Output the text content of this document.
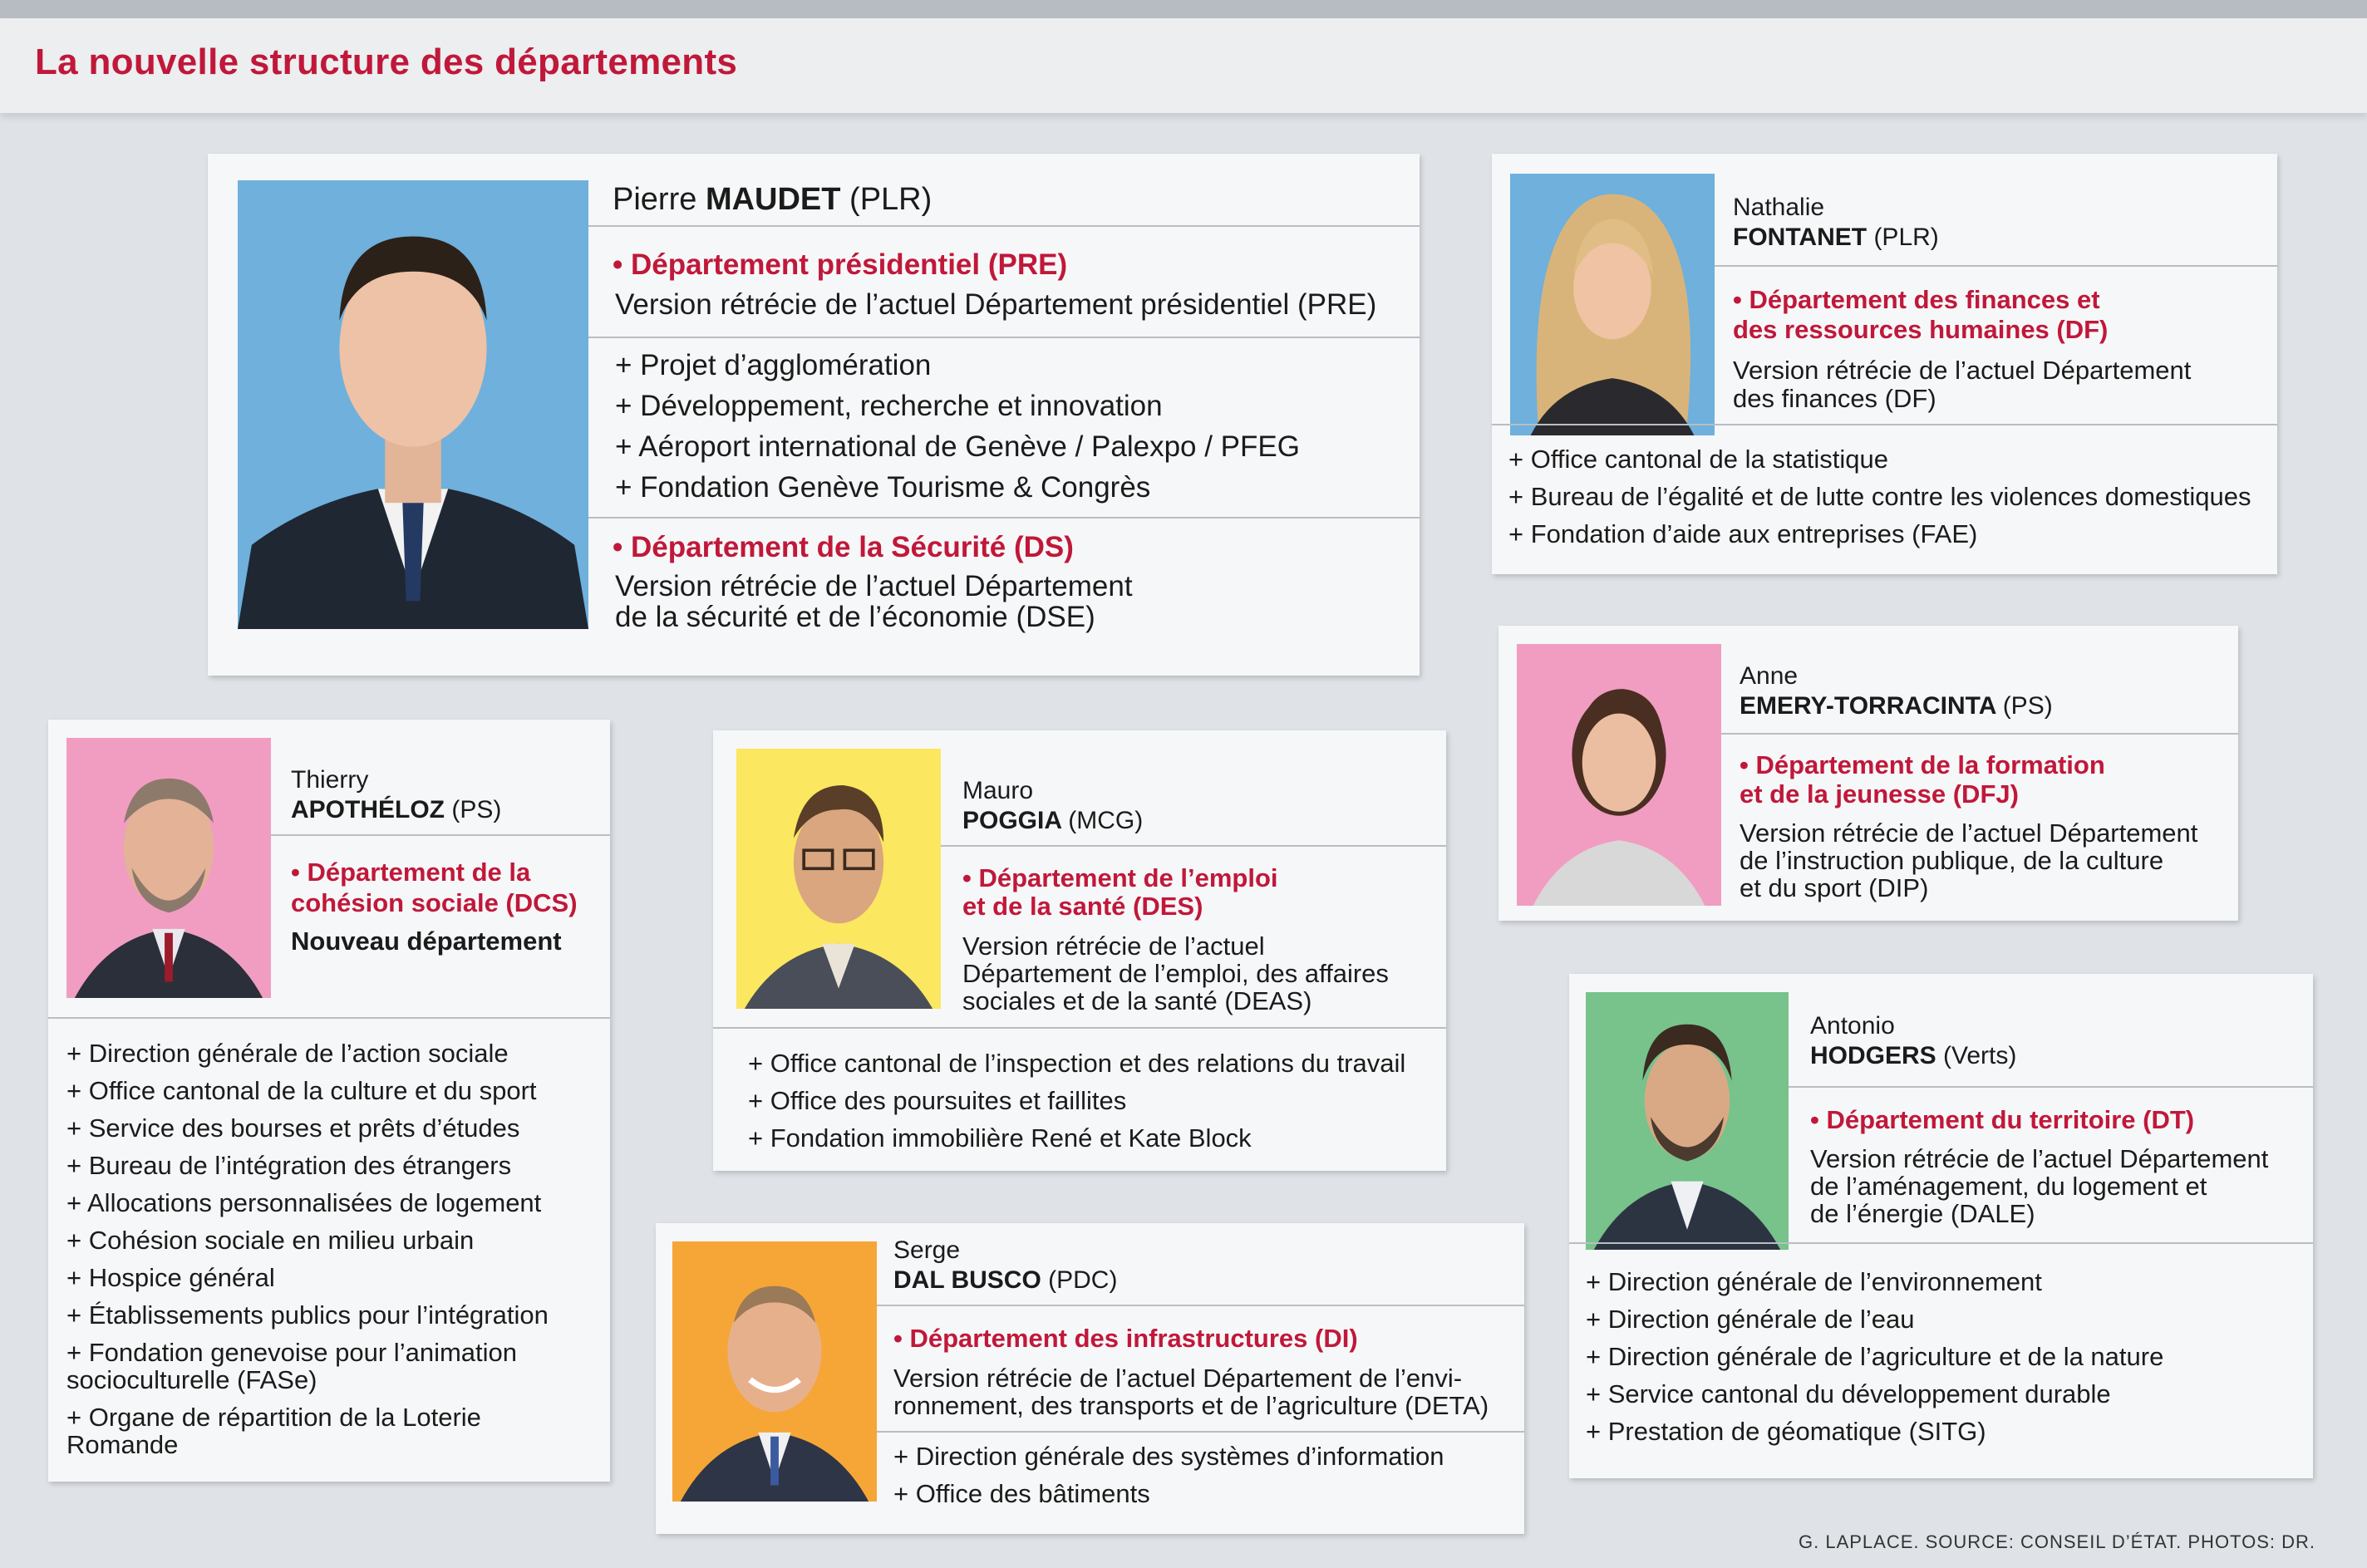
La nouvelle structure des départements
Pierre MAUDET (PLR)
• Département présidentiel (PRE)
Version rétrécie de l’actuel Département présidentiel (PRE)
+ Projet d’agglomération
+ Développement, recherche et innovation
+ Aéroport international de Genève / Palexpo / PFEG
+ Fondation Genève Tourisme & Congrès
• Département de la Sécurité (DS)
Version rétrécie de l’actuel Département
de la sécurité et de l’économie (DSE)
Nathalie
FONTANET (PLR)
• Département des finances et
des ressources humaines (DF)
Version rétrécie de l’actuel Département
des finances (DF)
+ Office cantonal de la statistique
+ Bureau de l’égalité et de lutte contre les violences domestiques
+ Fondation d’aide aux entreprises (FAE)
Anne
EMERY-TORRACINTA (PS)
• Département de la formation
et de la jeunesse (DFJ)
Version rétrécie de l’actuel Département
de l’instruction publique, de la culture
et du sport (DIP)
Thierry
APOTHÉLOZ (PS)
• Département de la
cohésion sociale (DCS)
Nouveau département
+ Direction générale de l’action sociale
+ Office cantonal de la culture et du sport
+ Service des bourses et prêts d’études
+ Bureau de l’intégration des étrangers
+ Allocations personnalisées de logement
+ Cohésion sociale en milieu urbain
+ Hospice général
+ Établissements publics pour l’intégration
+ Fondation genevoise pour l’animation
socioculturelle (FASe)
+ Organe de répartition de la Loterie
Romande
Mauro
POGGIA (MCG)
• Département de l’emploi
et de la santé (DES)
Version rétrécie de l’actuel
Département de l’emploi, des affaires
sociales et de la santé (DEAS)
+ Office cantonal de l’inspection et des relations du travail
+ Office des poursuites et faillites
+ Fondation immobilière René et Kate Block
Antonio
HODGERS (Verts)
• Département du territoire (DT)
Version rétrécie de l’actuel Département
de l’aménagement, du logement et
de l’énergie (DALE)
+ Direction générale de l’environnement
+ Direction générale de l’eau
+ Direction générale de l’agriculture et de la nature
+ Service cantonal du développement durable
+ Prestation de géomatique (SITG)
Serge
DAL BUSCO (PDC)
• Département des infrastructures (DI)
Version rétrécie de l’actuel Département de l’envi-
ronnement, des transports et de l’agriculture (DETA)
+ Direction générale des systèmes d’information
+ Office des bâtiments
G. LAPLACE. SOURCE: CONSEIL D’ÉTAT. PHOTOS: DR.
